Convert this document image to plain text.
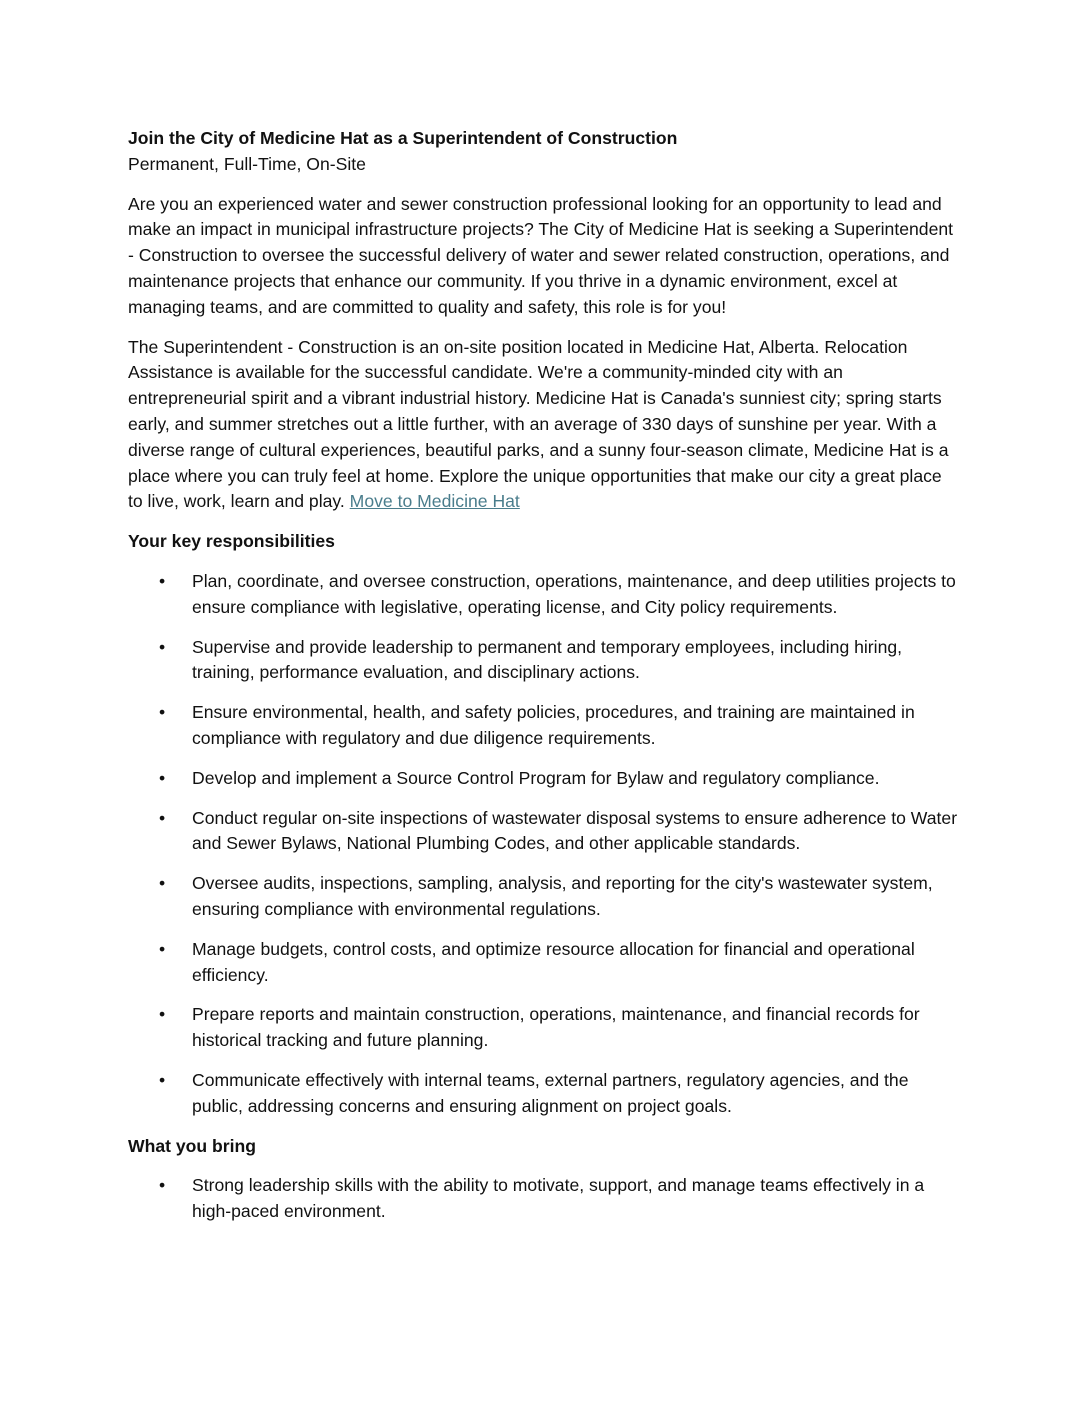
Join the City of Medicine Hat as a Superintendent of Construction

Permanent, Full-Time, On-Site

Are you an experienced water and sewer construction professional looking for an opportunity to lead and make an impact in municipal infrastructure projects? The City of Medicine Hat is seeking a Superintendent - Construction to oversee the successful delivery of water and sewer related construction, operations, and maintenance projects that enhance our community. If you thrive in a dynamic environment, excel at managing teams, and are committed to quality and safety, this role is for you!

The Superintendent - Construction is an on-site position located in Medicine Hat, Alberta. Relocation Assistance is available for the successful candidate. We're a community-minded city with an entrepreneurial spirit and a vibrant industrial history. Medicine Hat is Canada's sunniest city; spring starts early, and summer stretches out a little further, with an average of 330 days of sunshine per year. With a diverse range of cultural experiences, beautiful parks, and a sunny four-season climate, Medicine Hat is a place where you can truly feel at home. Explore the unique opportunities that make our city a great place to live, work, learn and play. Move to Medicine Hat

Your key responsibilities

• Plan, coordinate, and oversee construction, operations, maintenance, and deep utilities projects to ensure compliance with legislative, operating license, and City policy requirements.
• Supervise and provide leadership to permanent and temporary employees, including hiring, training, performance evaluation, and disciplinary actions.
• Ensure environmental, health, and safety policies, procedures, and training are maintained in compliance with regulatory and due diligence requirements.
• Develop and implement a Source Control Program for Bylaw and regulatory compliance.
• Conduct regular on-site inspections of wastewater disposal systems to ensure adherence to Water and Sewer Bylaws, National Plumbing Codes, and other applicable standards.
• Oversee audits, inspections, sampling, analysis, and reporting for the city's wastewater system, ensuring compliance with environmental regulations.
• Manage budgets, control costs, and optimize resource allocation for financial and operational efficiency.
• Prepare reports and maintain construction, operations, maintenance, and financial records for historical tracking and future planning.
• Communicate effectively with internal teams, external partners, regulatory agencies, and the public, addressing concerns and ensuring alignment on project goals.

What you bring

• Strong leadership skills with the ability to motivate, support, and manage teams effectively in a high-paced environment.
